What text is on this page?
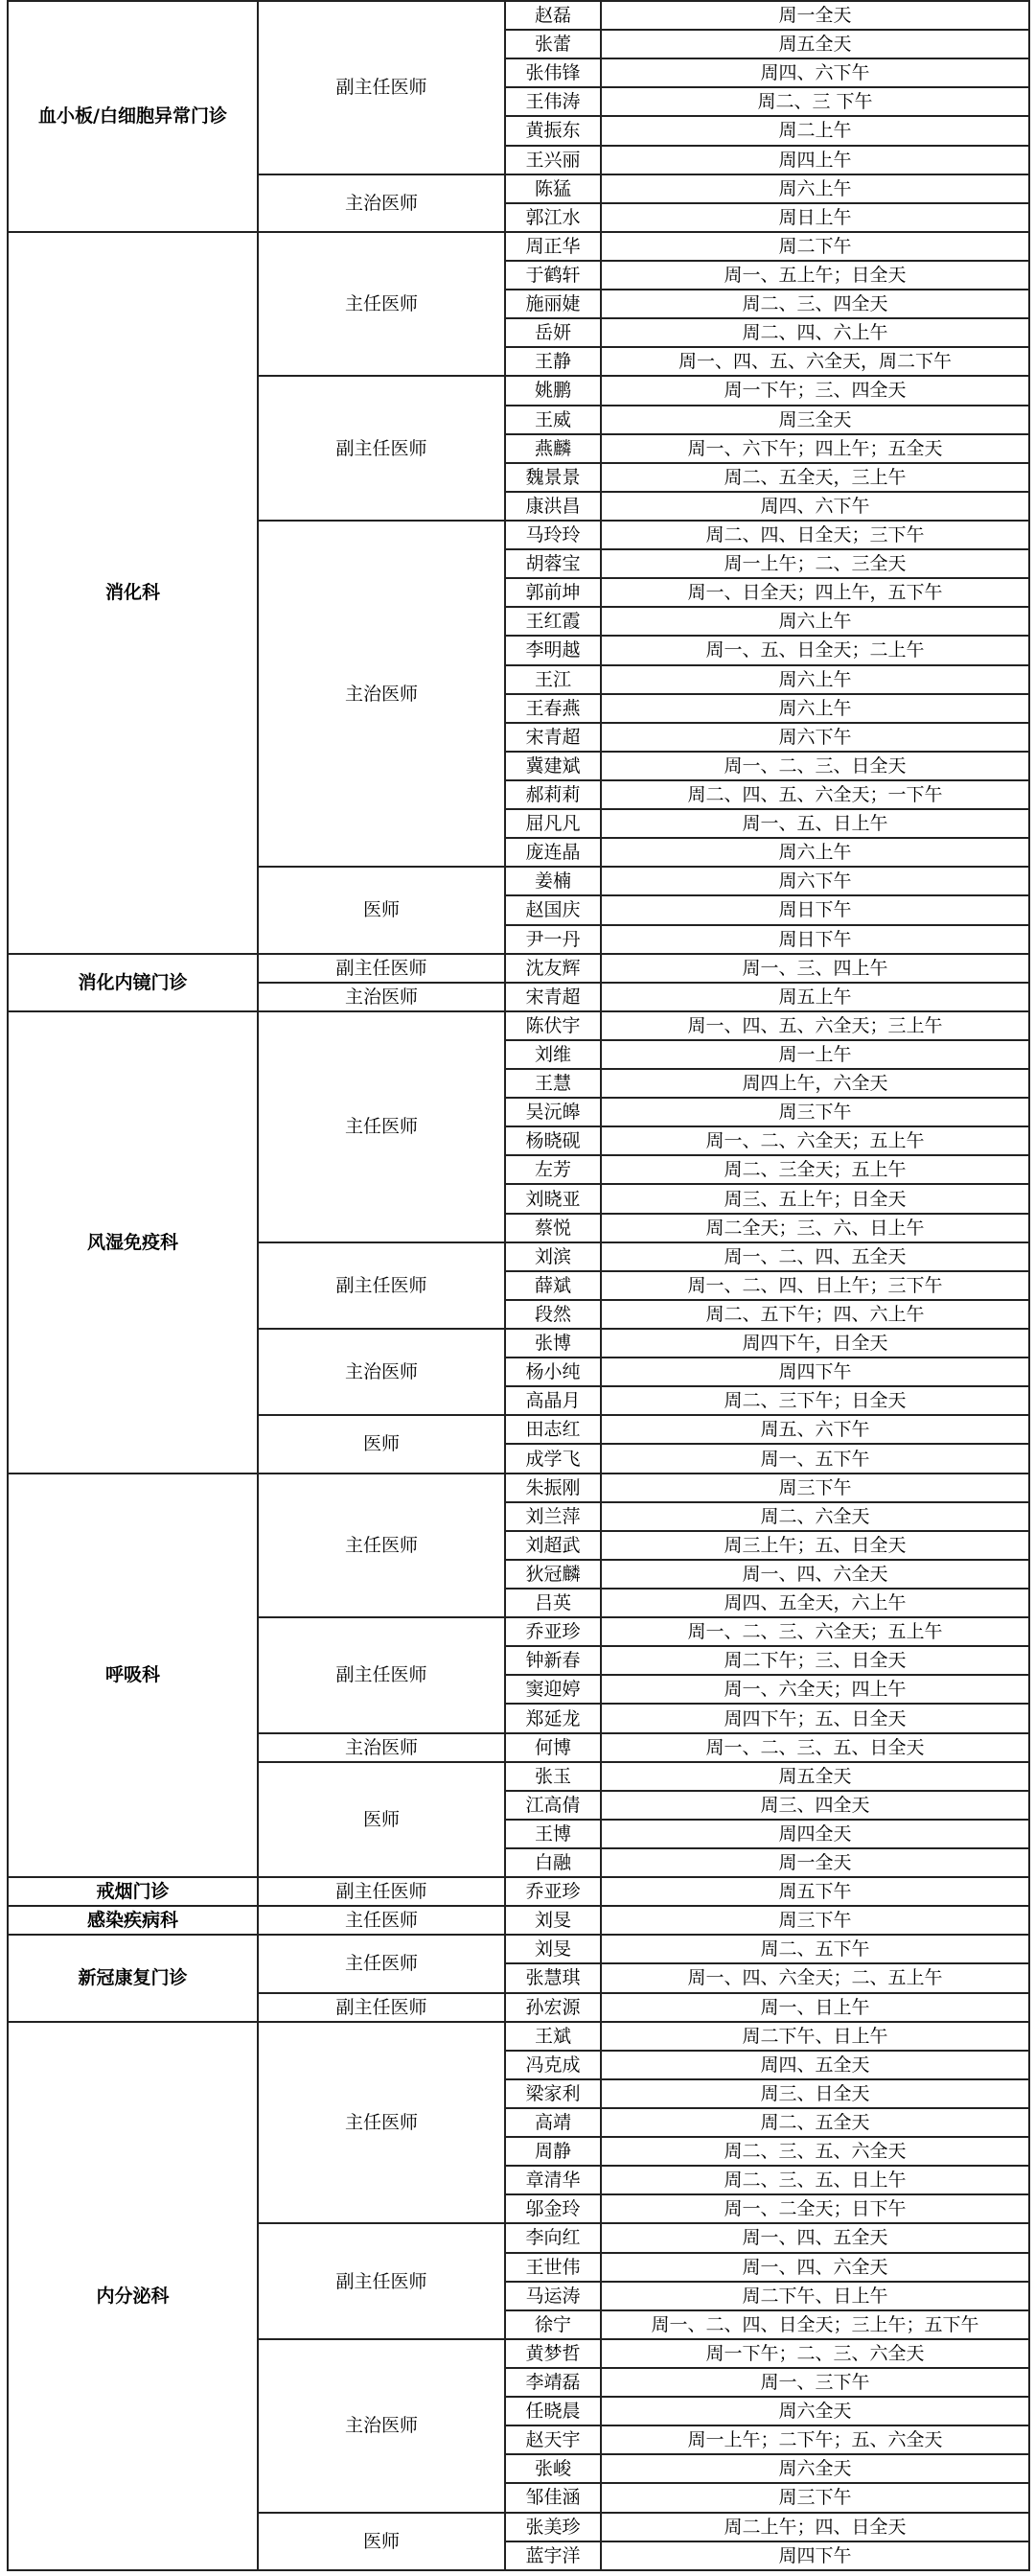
血小板/白细胞异常门诊	副主任医师	赵磊	周一全天
		张蕾	周五全天
		张伟锋	周四、六下午
		王伟涛	周二、三 下午
		黄振东	周二上午
		王兴丽	周四上午
	主治医师	陈猛	周六上午
		郭江水	周日上午
消化科	主任医师	周正华	周二下午
		于鹤轩	周一、五上午；日全天
		施丽婕	周二、三、四全天
		岳妍	周二、四、六上午
		王静	周一、四、五、六全天，周二下午
	副主任医师	姚鹏	周一下午；三、四全天
		王威	周三全天
		燕麟	周一、六下午；四上午；五全天
		魏景景	周二、五全天，三上午
		康洪昌	周四、六下午
	主治医师	马玲玲	周二、四、日全天；三下午
		胡蓉宝	周一上午；二、三全天
		郭前坤	周一、日全天；四上午，五下午
		王红霞	周六上午
		李明越	周一、五、日全天；二上午
		王江	周六上午
		王春燕	周六上午
		宋青超	周六下午
		冀建斌	周一、二、三、日全天
		郝莉莉	周二、四、五、六全天；一下午
		屈凡凡	周一、五、日上午
		庞连晶	周六上午
	医师	姜楠	周六下午
		赵国庆	周日下午
		尹一丹	周日下午
消化内镜门诊	副主任医师	沈友辉	周一、三、四上午
	主治医师	宋青超	周五上午
风湿免疫科	主任医师	陈伏宇	周一、四、五、六全天；三上午
		刘维	周一上午
		王慧	周四上午，六全天
		吴沅皞	周三下午
		杨晓砚	周一、二、六全天；五上午
		左芳	周二、三全天；五上午
		刘晓亚	周三、五上午；日全天
		蔡悦	周二全天；三、六、日上午
	副主任医师	刘滨	周一、二、四、五全天
		薛斌	周一、二、四、日上午；三下午
		段然	周二、五下午；四、六上午
	主治医师	张博	周四下午，日全天
		杨小纯	周四下午
		高晶月	周二、三下午；日全天
	医师	田志红	周五、六下午
		成学飞	周一、五下午
呼吸科	主任医师	朱振刚	周三下午
		刘兰萍	周二、六全天
		刘超武	周三上午；五、日全天
		狄冠麟	周一、四、六全天
		吕英	周四、五全天，六上午
	副主任医师	乔亚珍	周一、二、三、六全天；五上午
		钟新春	周二下午；三、日全天
		窦迎婷	周一、六全天；四上午
		郑延龙	周四下午；五、日全天
	主治医师	何博	周一、二、三、五、日全天
	医师	张玉	周五全天
		江高倩	周三、四全天
		王博	周四全天
		白融	周一全天
戒烟门诊	副主任医师	乔亚珍	周五下午
感染疾病科	主任医师	刘旻	周三下午
新冠康复门诊	主任医师	刘旻	周二、五下午
		张慧琪	周一、四、六全天；二、五上午
	副主任医师	孙宏源	周一、日上午
内分泌科	主任医师	王斌	周二下午、日上午
		冯克成	周四、五全天
		梁家利	周三、日全天
		高靖	周二、五全天
		周静	周二、三、五、六全天
		章清华	周二、三、五、日上午
		邬金玲	周一、二全天；日下午
	副主任医师	李向红	周一、四、五全天
		王世伟	周一、四、六全天
		马运涛	周二下午、日上午
		徐宁	周一、二、四、日全天；三上午；五下午
	主治医师	黄梦哲	周一下午；二、三、六全天
		李靖磊	周一、三下午
		任晓晨	周六全天
		赵天宇	周一上午；二下午；五、六全天
		张峻	周六全天
		邹佳涵	周三下午
	医师	张美珍	周二上午；四、日全天
		蓝宇洋	周四下午
